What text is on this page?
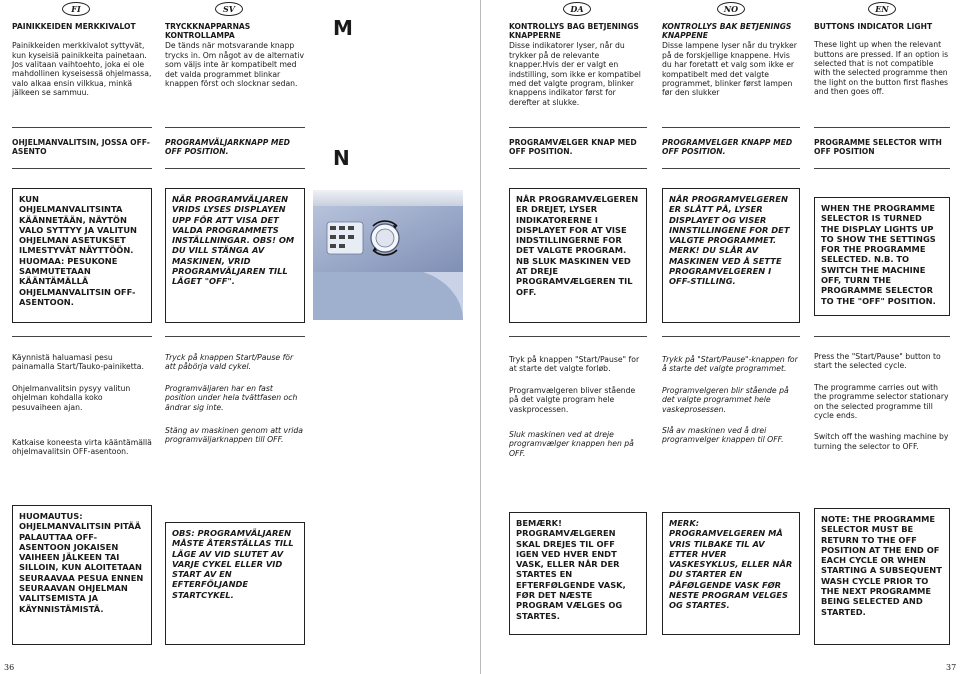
FI	SV	DA	NO	EN
M
N
PAINIKKEIDEN MERKKIVALOT
Painikkeiden merkkivalot syttyvät, kun kyseisiä painikkeita painetaan. Jos valitaan vaihtoehto, joka ei ole mahdollinen kyseisessä ohjelmassa, valo alkaa ensin vilkkua, minkä jälkeen se sammuu.
OHJELMANVALITSIN, JOSSA OFF-ASENTO
KUN OHJELMANVALITSINTA KÄÄNNETÄÄN, NÄYTÖN VALO SYTTYY JA VALITUN OHJELMAN ASETUKSET ILMESTYVÄT NÄYTTÖÖN. HUOMAA: PESUKONE SAMMUTETAAN KÄÄNTÄMÄLLÄ OHJELMANVALITSIN OFF-ASENTOON.
Käynnistä haluamasi pesu painamalla Start/Tauko-painiketta.
Ohjelmanvalitsin pysyy valitun ohjelman kohdalla koko pesuvaiheen ajan.
Katkaise koneesta virta kääntämällä ohjelmavalitsin OFF-asentoon.
HUOMAUTUS: OHJELMANVALITSIN PITÄÄ PALAUTTAA OFF-ASENTOON JOKAISEN VAIHEEN JÄLKEEN TAI SILLOIN, KUN ALOITETAAN SEURAAVAA PESUA ENNEN SEURAAVAN OHJELMAN VALITSEMISTA JA KÄYNNISTÄMISTÄ.
TRYCKKNAPPARNAS KONTROLLAMPA
De tänds när motsvarande knapp trycks in. Om något av de alternativ som väljs inte är kompatibelt med det valda programmet blinkar knappen först och slocknar sedan.
PROGRAMVÄLJARKNAPP MED OFF POSITION.
NÄR PROGRAMVÄLJAREN VRIDS LYSES DISPLAYEN UPP FÖR ATT VISA DET VALDA PROGRAMMETS INSTÄLLNINGAR. OBS! OM DU VILL STÄNGA AV MASKINEN, VRID PROGRAMVÄLJAREN TILL LÄGET "OFF".
Tryck på knappen Start/Pause för att påbörja vald cykel.
Programväljaren har en fast position under hela tvättfasen och ändrar sig inte.
Stäng av maskinen genom att vrida programväljarknappen till OFF.
OBS: PROGRAMVÄLJAREN MÅSTE ÅTERSTÄLLAS TILL LÄGE AV VID SLUTET AV VARJE CYKEL ELLER VID START AV EN EFTERFÖLJANDE STARTCYKEL.
KONTROLLYS BAG BETJENINGS KNAPPERNE
Disse indikatorer lyser, når du trykker på de relevante knapper.Hvis der er valgt en indstilling, som ikke er kompatibel med det valgte program, blinker knappens indikator først for derefter at slukke.
PROGRAMVÆLGER KNAP MED OFF POSITION.
NÅR PROGRAMVÆLGEREN ER DREJET, LYSER INDIKATORERNE I DISPLAYET FOR AT VISE INDSTILLINGERNE FOR DET VALGTE PROGRAM. NB SLUK MASKINEN VED AT DREJE PROGRAMVÆLGEREN TIL OFF.
Tryk på knappen "Start/Pause" for at starte det valgte forløb.
Programvælgeren bliver stående på det valgte program hele vaskprocessen.
Sluk maskinen ved at dreje programvælger knappen hen på OFF.
BEMÆRK! PROGRAMVÆLGEREN SKAL DREJES TIL OFF IGEN VED HVER ENDT VASK, ELLER NÅR DER STARTES EN EFTERFØLGENDE VASK, FØR DET NÆSTE PROGRAM VÆLGES OG STARTES.
KONTROLLYS BAK BETJENINGS KNAPPENE
Disse lampene lyser når du trykker på de forskjellige knappene. Hvis du har foretatt et valg som ikke er kompatibelt med det valgte programmet, blinker først lampen før den slukker
PROGRAMVELGER KNAPP MED OFF POSITION.
NÅR PROGRAMVELGEREN ER SLÅTT PÅ, LYSER DISPLAYET OG VISER INNSTILLINGENE FOR DET VALGTE PROGRAMMET. MERK! DU SLÅR AV MASKINEN VED Å SETTE PROGRAMVELGEREN I OFF-STILLING.
Trykk på "Start/Pause"-knappen for å starte det valgte programmet.
Programvelgeren blir stående på det valgte programmet hele vaskeprosessen.
Slå av maskinen ved å drei programvelger knappen til OFF.
MERK: PROGRAMVELGEREN MÅ VRIS TILBAKE TIL AV ETTER HVER VASKESYKLUS, ELLER NÅR DU STARTER EN PÅFØLGENDE VASK FØR NESTE PROGRAM VELGES OG STARTES.
BUTTONS INDICATOR LIGHT
These light up when the relevant buttons are pressed. If an option is selected that is not compatible with the selected programme then the light on the button first flashes and then goes off.
PROGRAMME SELECTOR WITH OFF POSITION
WHEN THE PROGRAMME SELECTOR IS TURNED THE DISPLAY LIGHTS UP TO SHOW THE SETTINGS FOR THE PROGRAMME SELECTED. N.B. TO SWITCH THE MACHINE OFF, TURN THE PROGRAMME SELECTOR TO THE "OFF" POSITION.
Press the "Start/Pause" button to start the selected cycle.
The programme carries out with the programme selector stationary on the selected programme till cycle ends.
Switch off the washing machine by turning the selector to OFF.
NOTE: THE PROGRAMME SELECTOR MUST BE RETURN TO THE OFF POSITION AT THE END OF EACH CYCLE OR WHEN STARTING A SUBSEQUENT WASH CYCLE PRIOR TO THE NEXT PROGRAMME BEING SELECTED AND STARTED.
36	37
